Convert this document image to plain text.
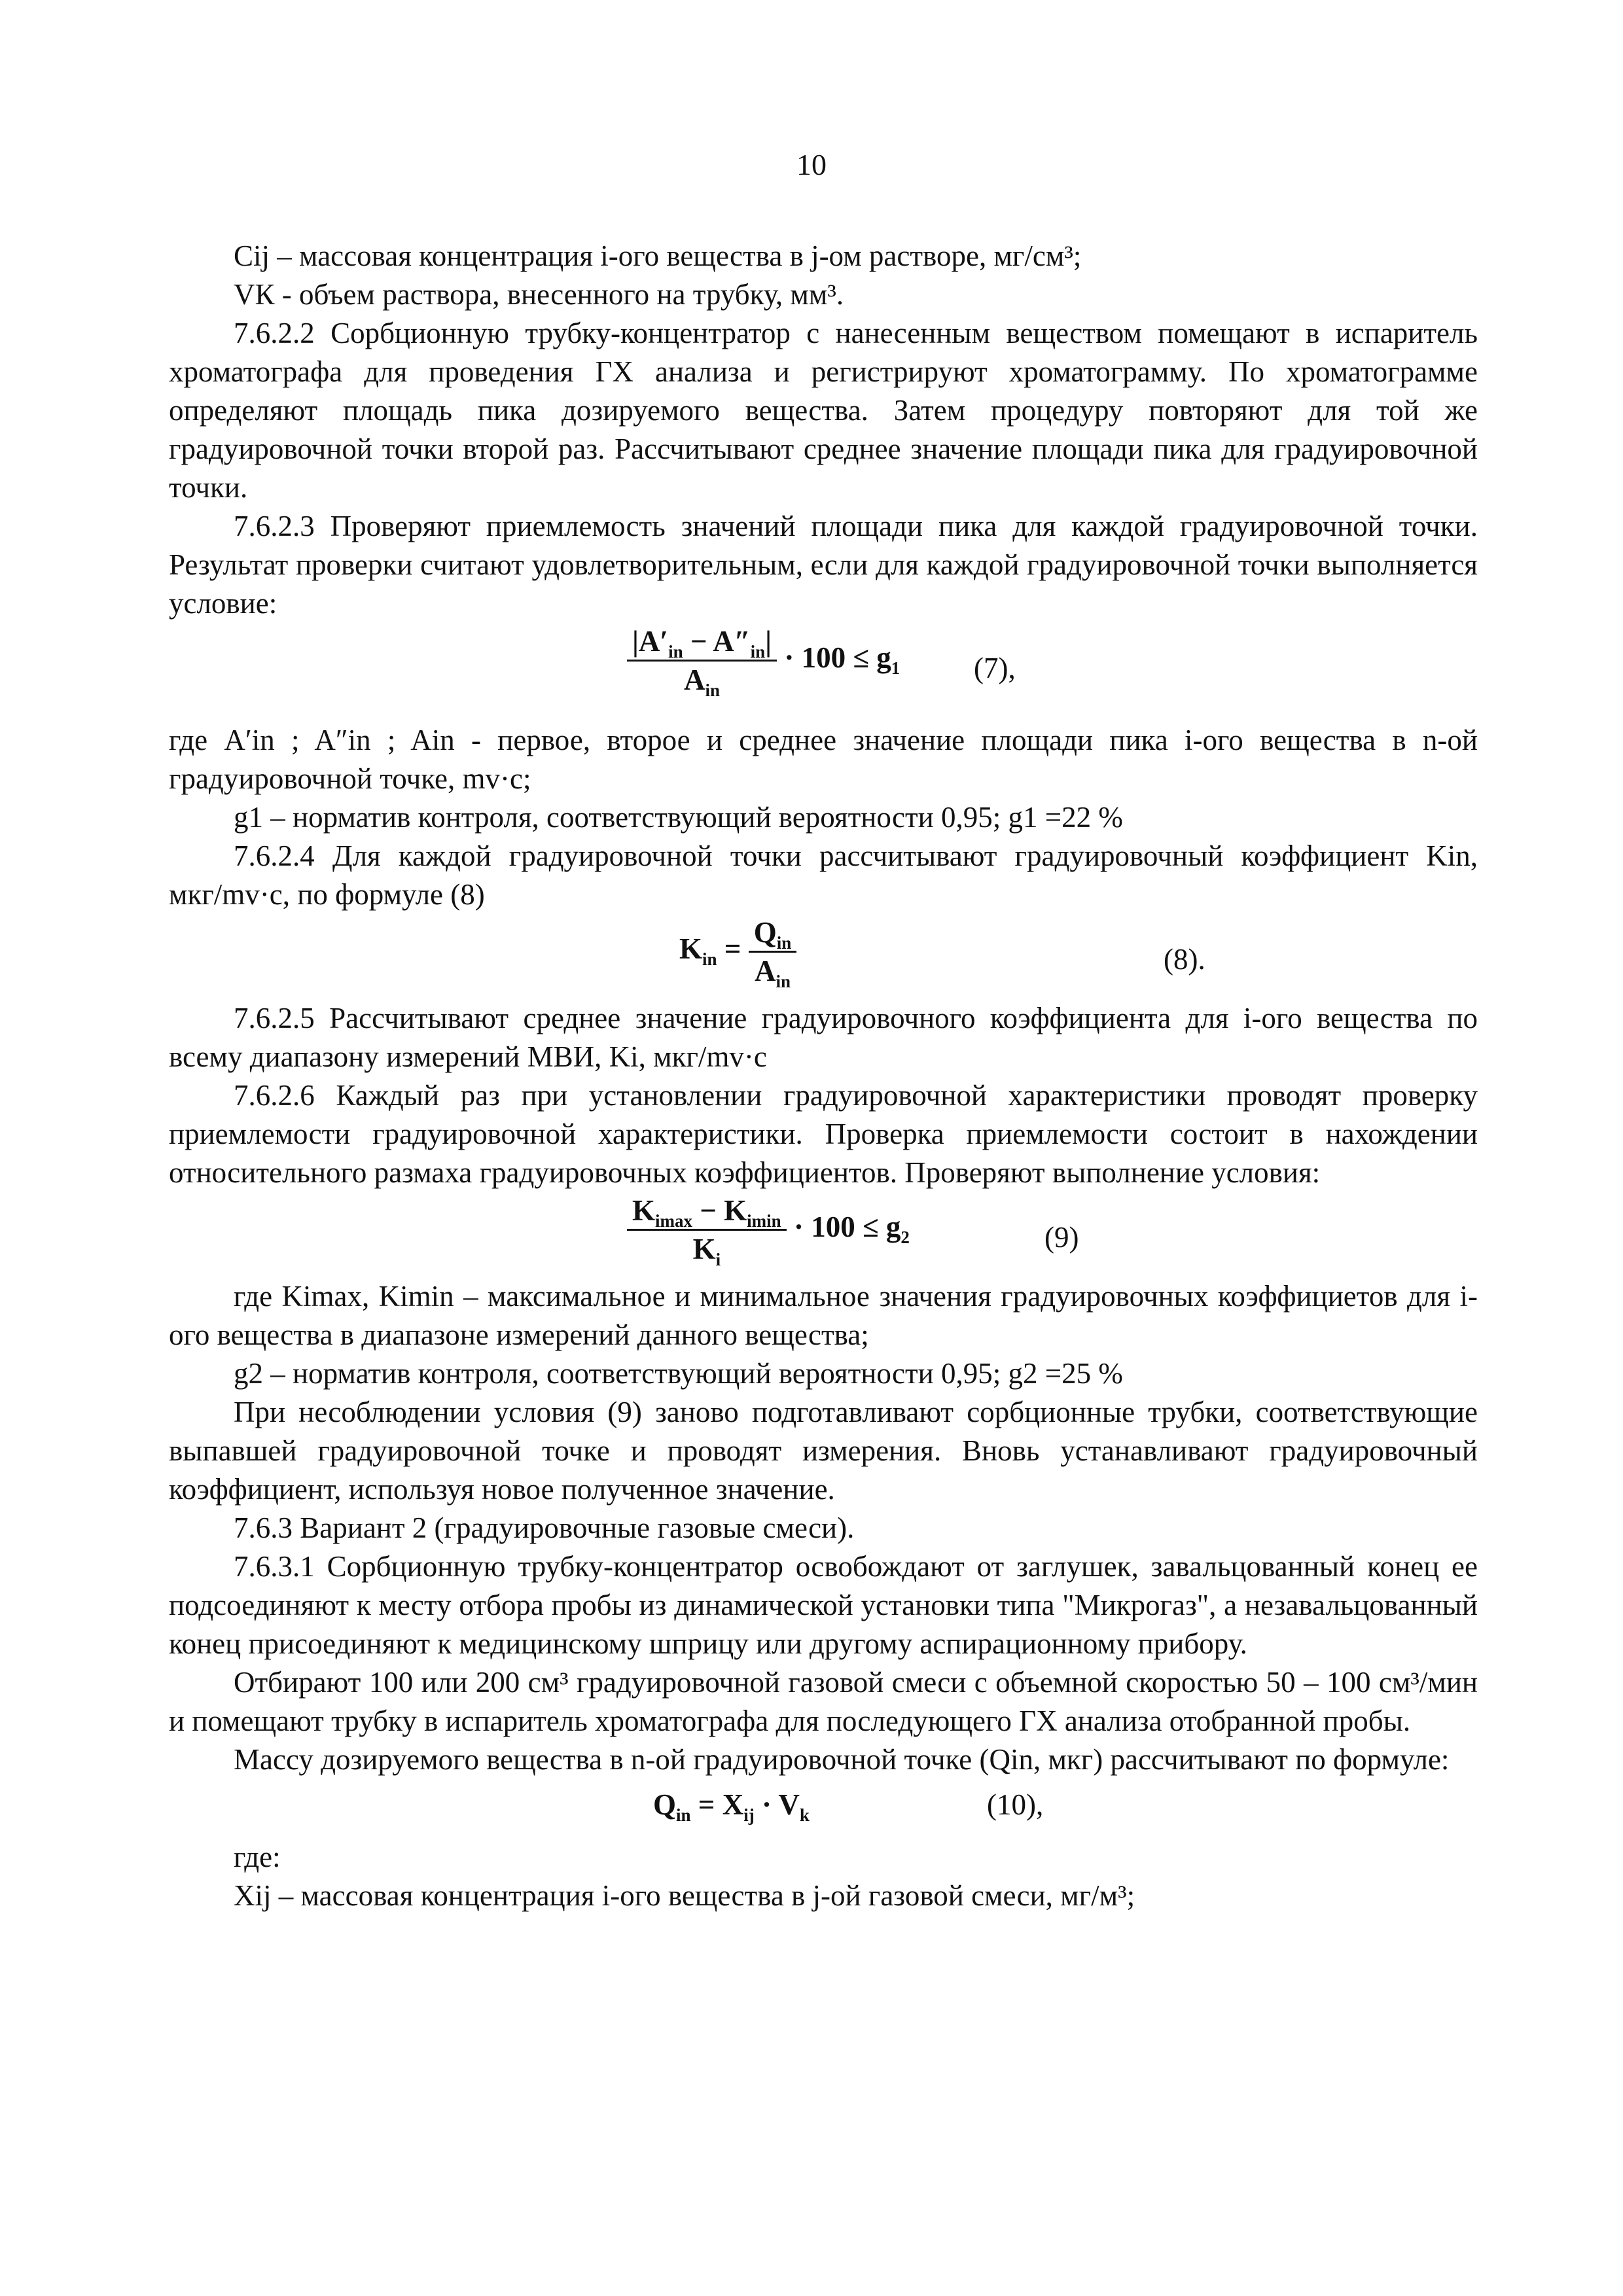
10

Cij – массовая концентрация i-ого вещества в j-ом растворе, мг/см³;

VК - объем раствора, внесенного на трубку, мм³.

7.6.2.2 Сорбционную трубку-концентратор с нанесенным веществом помещают в испаритель хроматографа для проведения ГХ анализа и регистрируют хроматограмму. По хроматограмме определяют площадь пика дозируемого вещества. Затем процедуру повторяют для той же градуировочной точки второй раз. Рассчитывают среднее значение площади пика для градуировочной точки.

7.6.2.3 Проверяют приемлемость значений площади пика для каждой градуировочной точки. Результат проверки считают удовлетворительным, если для каждой градуировочной точки выполняется условие:

$\frac{|A'_{in} - A''_{in}|}{A_{in}} \cdot 100 \le g_1$	(7),

где A′in ; A″in ; Ain - первое, второе и среднее значение площади пика i-ого вещества в n-ой градуировочной точке, mv·c;

g1 – норматив контроля, соответствующий вероятности 0,95; g1 =22 %

7.6.2.4 Для каждой градуировочной точки рассчитывают градуировочный коэффициент Kin, мкг/mv·c, по формуле (8)

$K_{in} = \frac{Q_{in}}{A_{in}}$	(8).

7.6.2.5 Рассчитывают среднее значение градуировочного коэффициента для i-ого вещества по всему диапазону измерений МВИ, Ki, мкг/mv·c

7.6.2.6 Каждый раз при установлении градуировочной характеристики проводят проверку приемлемости градуировочной характеристики. Проверка приемлемости состоит в нахождении относительного размаха градуировочных коэффициентов. Проверяют выполнение условия:

$\frac{K_{imax} - K_{imin}}{K_i} \cdot 100 \le g_2$	(9)

где Kimax, Kimin – максимальное и минимальное значения градуировочных коэффициетов для i-ого вещества в диапазоне измерений данного вещества;

g2 – норматив контроля, соответствующий вероятности 0,95; g2 =25 %

При несоблюдении условия (9) заново подготавливают сорбционные трубки, соответствующие выпавшей градуировочной точке и проводят измерения. Вновь устанавливают градуировочный коэффициент, используя новое полученное значение.

7.6.3 Вариант 2 (градуировочные газовые смеси).

7.6.3.1 Сорбционную трубку-концентратор освобождают от заглушек, завальцованный конец ее подсоединяют к месту отбора пробы из динамической установки типа "Микрогаз", а незавальцованный конец присоединяют к медицинскому шприцу или другому аспирационному прибору.

Отбирают 100 или 200 см³ градуировочной газовой смеси с объемной скоростью 50 – 100 см³/мин и помещают трубку в испаритель хроматографа для последующего ГХ анализа отобранной пробы.

Массу дозируемого вещества в n-ой градуировочной точке (Qin, мкг) рассчитывают по формуле:

$Q_{in} = X_{ij} \cdot V_k$	(10),

где:

Xij – массовая концентрация i-ого вещества в j-ой газовой смеси, мг/м³;
